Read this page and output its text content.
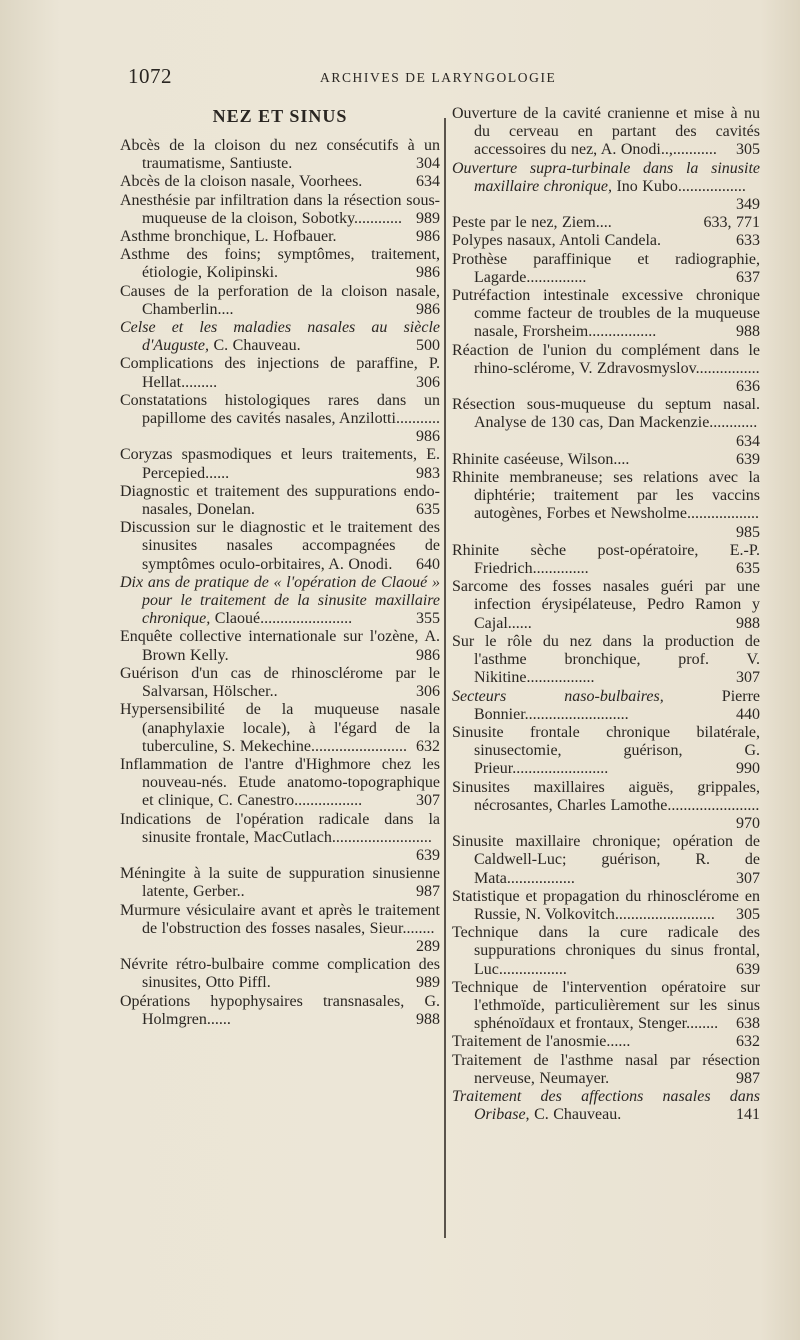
1072	ARCHIVES DE LARYNGOLOGIE
NEZ ET SINUS
Abcès de la cloison du nez consécutifs à un traumatisme, Santiuste.	304
Abcès de la cloison nasale, Voorhees.	634
Anesthésie par infiltration dans la résection sous-muqueuse de la cloison, Sobotky............ 989
Asthme bronchique, L. Hofbauer.	986
Asthme des foins; symptômes, traitement, étiologie, Kolipinski.	986
Causes de la perforation de la cloison nasale, Chamberlin....	986
Celse et les maladies nasales au siècle d'Auguste, C. Chauveau.	500
Complications des injections de paraffine, P. Hellat.........	306
Constatations histologiques rares dans un papillome des cavités nasales, Anzilotti...........
986
Coryzas spasmodiques et leurs traitements, E. Percepied......	983
Diagnostic et traitement des suppurations endo-nasales, Donelan.	635
Discussion sur le diagnostic et le traitement des sinusites nasales accompagnées de symptômes oculo-orbitaires, A. Onodi. 640
Dix ans de pratique de « l'opération de Claoué » pour le traitement de la sinusite maxillaire chronique, Claoué.......................	355
Enquête collective internationale sur l'ozène, A. Brown Kelly.	986
Guérison d'un cas de rhinosclérome par le Salvarsan, Hölscher..	306
Hypersensibilité de la muqueuse nasale (anaphylaxie locale), à l'égard de la tuberculine, S. Mekechine........................ 632
Inflammation de l'antre d'Highmore chez les nouveau-nés. Etude anatomo-topographique et clinique, C. Canestro.................	307
Indications de l'opération radicale dans la sinusite frontale, MacCutlach.........................
639
Méningite à la suite de suppuration sinusienne latente, Gerber..	987
Murmure vésiculaire avant et après le traitement de l'obstruction des fosses nasales, Sieur........
289
Névrite rétro-bulbaire comme complication des sinusites, Otto Piffl.	989
Opérations hypophysaires transnasales, G. Holmgren......	988
Ouverture de la cavité cranienne et mise à nu du cerveau en partant des cavités accessoires du nez, A. Onodi..,........... 305
Ouverture supra-turbinale dans la sinusite maxillaire chronique, Ino Kubo.................
349
Peste par le nez, Ziem....	633, 771
Polypes nasaux, Antoli Candela.	633
Prothèse paraffinique et radiographie, Lagarde...............	637
Putréfaction intestinale excessive chronique comme facteur de troubles de la muqueuse nasale, Frorsheim.................	988
Réaction de l'union du complément dans le rhino-sclérome, V. Zdravosmyslov................
636
Résection sous-muqueuse du septum nasal. Analyse de 130 cas, Dan Mackenzie............
634
Rhinite caséeuse, Wilson....	639
Rhinite membraneuse; ses relations avec la diphtérie; traitement par les vaccins autogènes, Forbes et Newsholme..................
985
Rhinite sèche post-opératoire, E.-P. Friedrich..............	635
Sarcome des fosses nasales guéri par une infection érysipélateuse, Pedro Ramon y Cajal......	988
Sur le rôle du nez dans la production de l'asthme bronchique, prof. V. Nikitine.................	307
Secteurs naso-bulbaires,	Pierre Bonnier..........................	440
Sinusite frontale chronique bilatérale, sinusectomie, guérison, G. Prieur........................	990
Sinusites maxillaires aiguës, grippales, nécrosantes, Charles Lamothe.......................
970
Sinusite maxillaire chronique; opération de Caldwell-Luc; guérison, R. de Mata.................	307
Statistique et propagation du rhinosclérome en Russie, N. Volkovitch......................... 305
Technique dans la cure radicale des suppurations chroniques du sinus frontal, Luc.................	639
Technique de l'intervention opératoire sur l'ethmoïde, particulièrement sur les sinus sphénoïdaux et frontaux, Stenger........ 638
Traitement de l'anosmie......	632
Traitement de l'asthme nasal par résection nerveuse, Neumayer.	987
Traitement des affections nasales dans Oribase, C. Chauveau.	141
